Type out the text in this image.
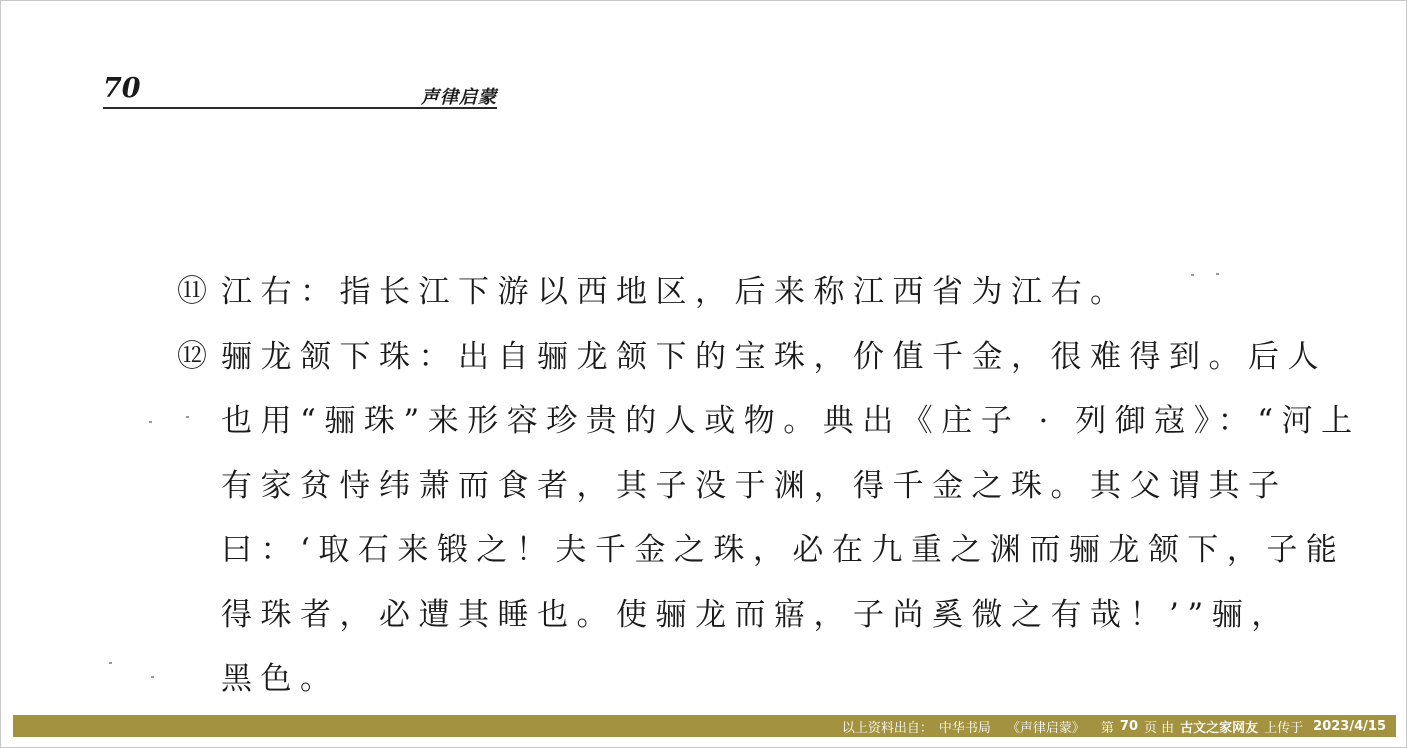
70	声律启蒙
⑪ 江右：指长江下游以西地区，后来称江西省为江右。
⑫ 骊龙颔下珠：出自骊龙颔下的宝珠，价值千金，很难得到。后人
也用“骊珠”来形容珍贵的人或物。典出《庄子 · 列御寇》：“河上
有家贫恃纬萧而食者，其子没于渊，得千金之珠。其父谓其子
曰：‘取石来锻之！夫千金之珠，必在九重之渊而骊龙颔下，子能
得珠者，必遭其睡也。使骊龙而寤，子尚奚微之有哉！’”骊，
黑色。
以上资料出自： 中华书局 《声律启蒙》 第 70 页 由 古文之家网友 上传于 2023/4/15
